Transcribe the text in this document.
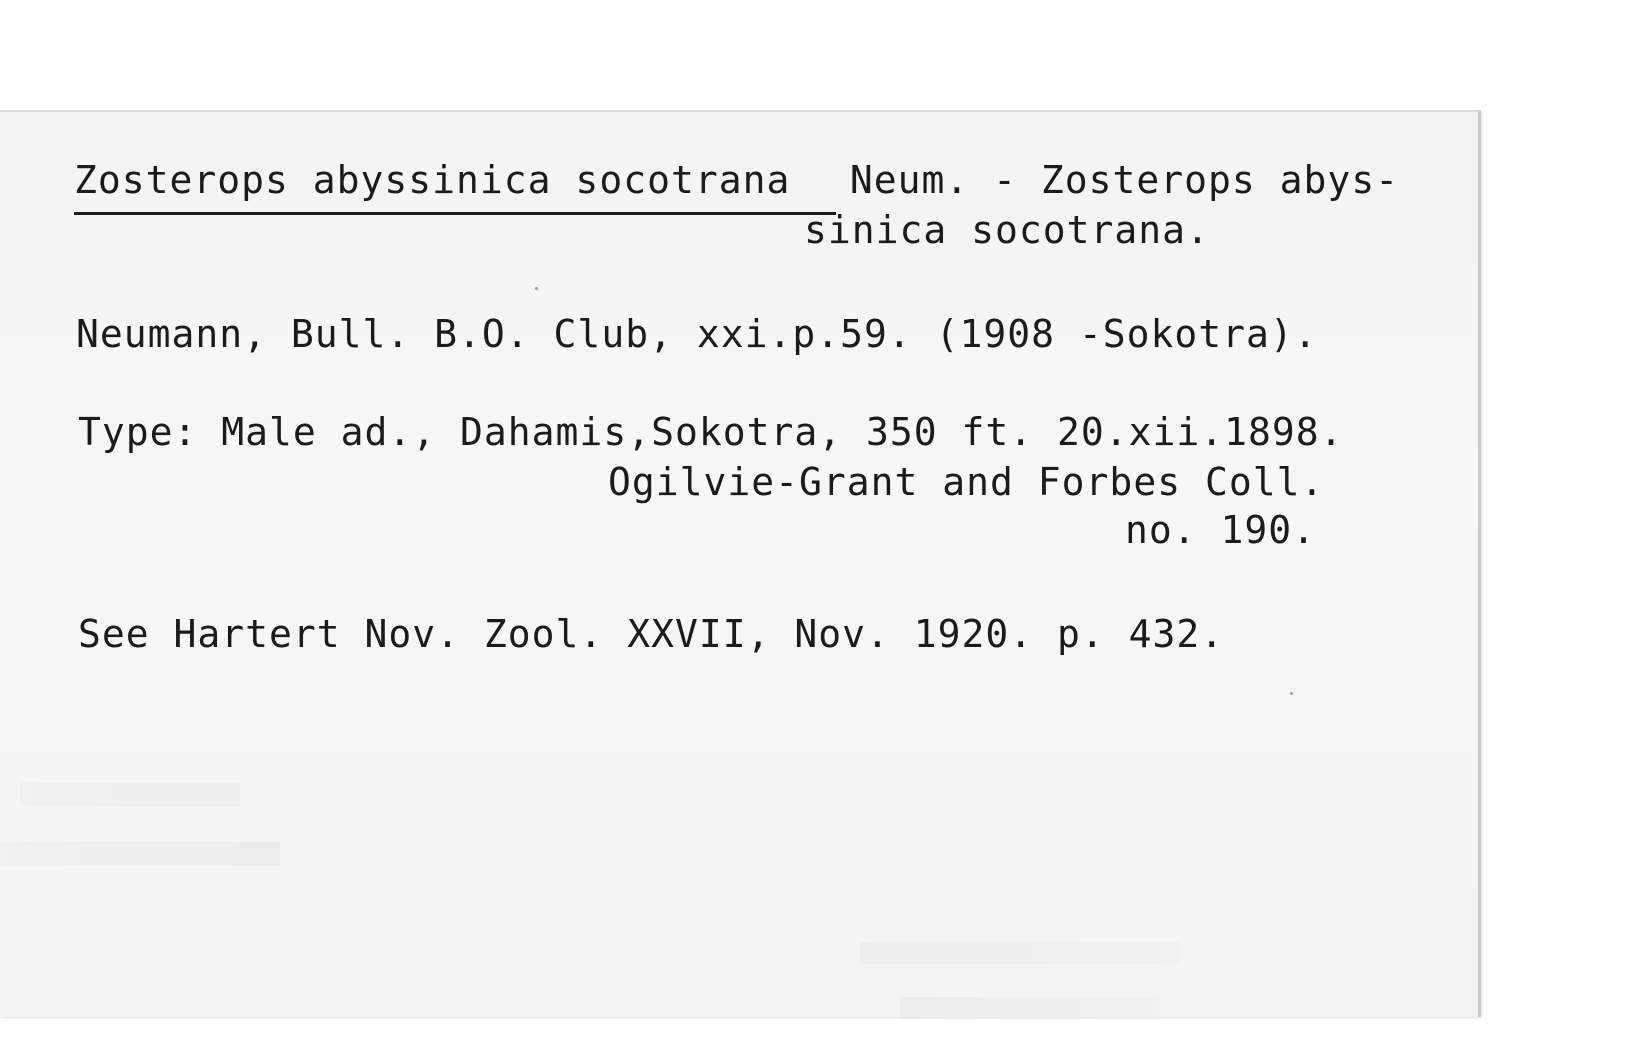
Zosterops abyssinica socotrana Neum. - Zosterops abys-
sinica socotrana.
Neumann, Bull. B.O. Club, xxi.p.59. (1908 -Sokotra).
Type: Male ad., Dahamis,Sokotra, 350 ft. 20.xii.1898.
Ogilvie-Grant and Forbes Coll.
no. 190.
See Hartert Nov. Zool. XXVII, Nov. 1920. p. 432.
